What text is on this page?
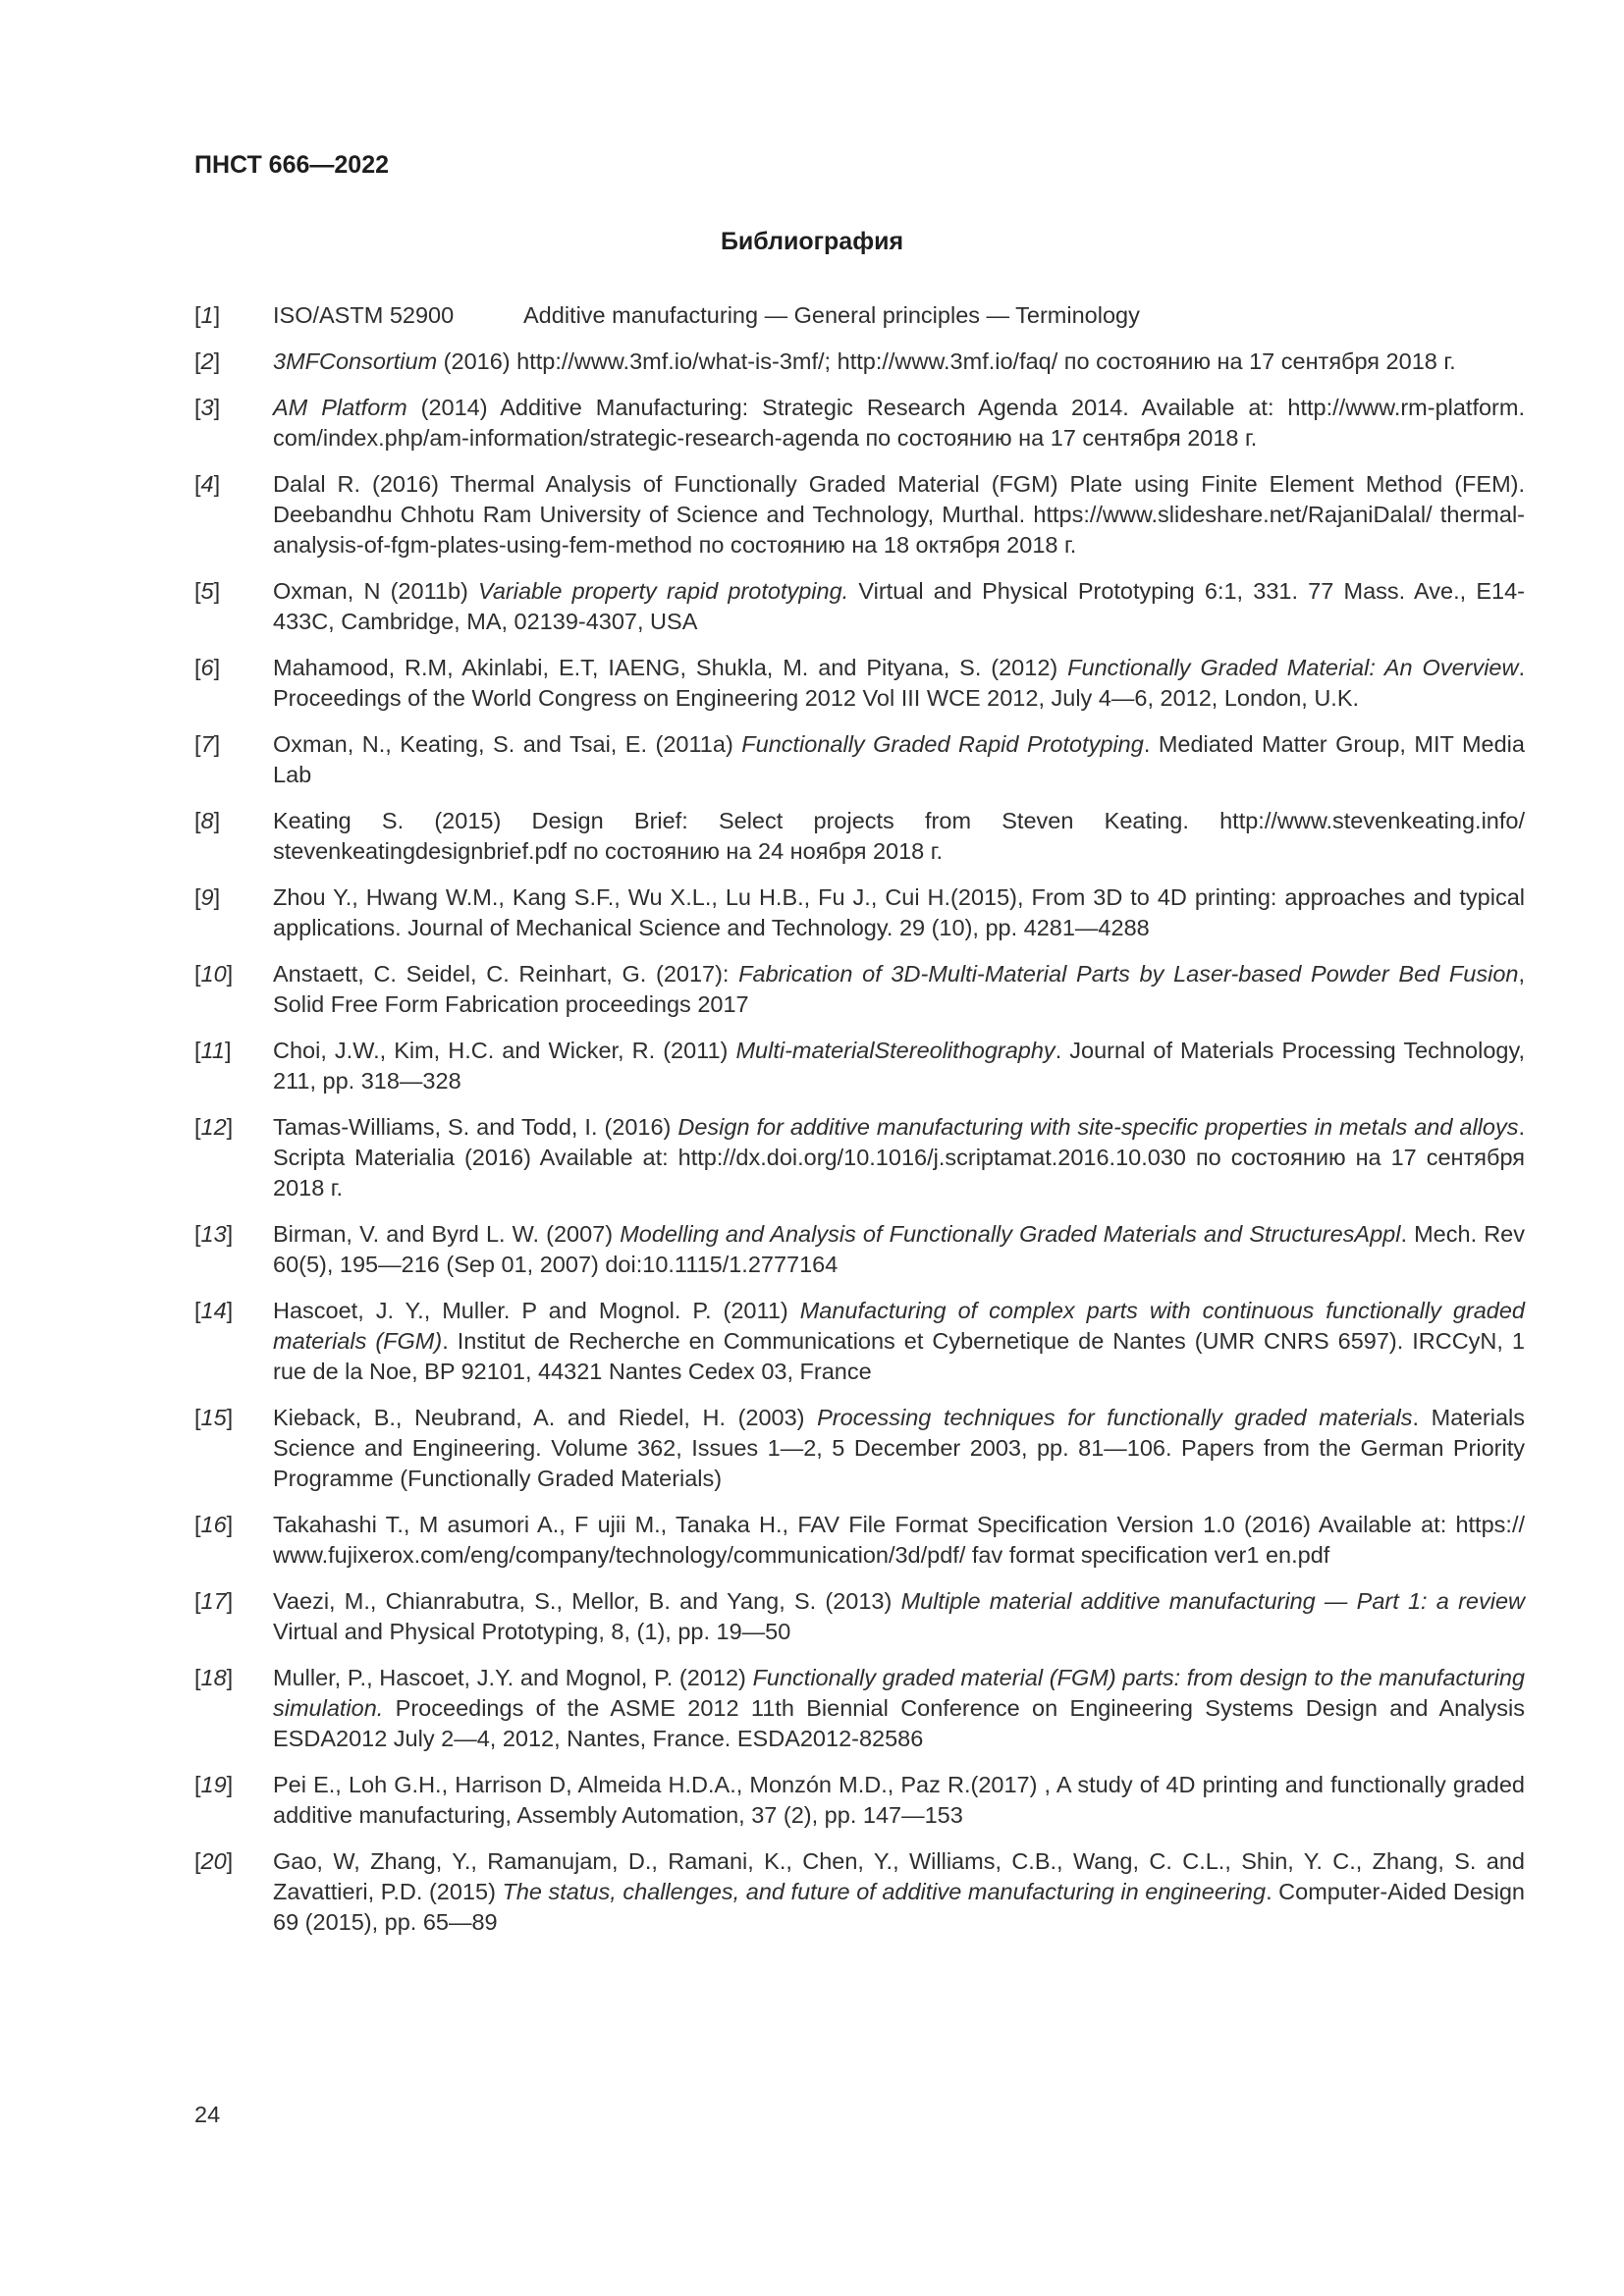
ПНСТ 666—2022
Библиография
[1]	ISO/ASTM 52900	Additive manufacturing — General principles — Terminology
[2]	3MFConsortium (2016) http://www.3mf.io/what-is-3mf/; http://www.3mf.io/faq/ по состоянию на 17 сентября 2018 г.
[3]	AM Platform (2014) Additive Manufacturing: Strategic Research Agenda 2014. Available at: http://www.rm-platform. com/index.php/am-information/strategic-research-agenda по состоянию на 17 сентября 2018 г.
[4]	Dalal R. (2016) Thermal Analysis of Functionally Graded Material (FGM) Plate using Finite Element Method (FEM). Deebandhu Chhotu Ram University of Science and Technology, Murthal. https://www.slideshare.net/RajaniDalal/ thermal-analysis-of-fgm-plates-using-fem-method по состоянию на 18 октября 2018 г.
[5]	Oxman, N (2011b) Variable property rapid prototyping. Virtual and Physical Prototyping 6:1, 331. 77 Mass. Ave., E14-433C, Cambridge, MA, 02139-4307, USA
[6]	Mahamood, R.M, Akinlabi, E.T, IAENG, Shukla, M. and Pityana, S. (2012) Functionally Graded Material: An Overview. Proceedings of the World Congress on Engineering 2012 Vol III WCE 2012, July 4—6, 2012, London, U.K.
[7]	Oxman, N., Keating, S. and Tsai, E. (2011a) Functionally Graded Rapid Prototyping. Mediated Matter Group, MIT Media Lab
[8]	Keating S. (2015) Design Brief: Select projects from Steven Keating. http://www.stevenkeating.info/ stevenkeatingdesignbrief.pdf по состоянию на 24 ноября 2018 г.
[9]	Zhou Y., Hwang W.M., Kang S.F., Wu X.L., Lu H.B., Fu J., Cui H.(2015), From 3D to 4D printing: approaches and typical applications. Journal of Mechanical Science and Technology. 29 (10), pp. 4281—4288
[10]	Anstaett, C. Seidel, C. Reinhart, G. (2017): Fabrication of 3D-Multi-Material Parts by Laser-based Powder Bed Fusion, Solid Free Form Fabrication proceedings 2017
[11]	Choi, J.W., Kim, H.C. and Wicker, R. (2011) Multi-materialStereolithography. Journal of Materials Processing Technology, 211, pp. 318—328
[12]	Tamas-Williams, S. and Todd, I. (2016) Design for additive manufacturing with site-specific properties in metals and alloys. Scripta Materialia (2016) Available at: http://dx.doi.org/10.1016/j.scriptamat.2016.10.030 по состоянию на 17 сентября 2018 г.
[13]	Birman, V. and Byrd L. W. (2007) Modelling and Analysis of Functionally Graded Materials and StructuresAppl. Mech. Rev 60(5), 195—216 (Sep 01, 2007) doi:10.1115/1.2777164
[14]	Hascoet, J. Y., Muller. P and Mognol. P. (2011) Manufacturing of complex parts with continuous functionally graded materials (FGM). Institut de Recherche en Communications et Cybernetique de Nantes (UMR CNRS 6597). IRCCyN, 1 rue de la Noe, BP 92101, 44321 Nantes Cedex 03, France
[15]	Kieback, B., Neubrand, A. and Riedel, H. (2003) Processing techniques for functionally graded materials. Materials Science and Engineering. Volume 362, Issues 1—2, 5 December 2003, pp. 81—106. Papers from the German Priority Programme (Functionally Graded Materials)
[16]	Takahashi T., M asumori A., F ujii M., Tanaka H., FAV File Format Specification Version 1.0 (2016) Available at: https:// www.fujixerox.com/eng/company/technology/communication/3d/pdf/ fav format specification ver1 en.pdf
[17]	Vaezi, M., Chianrabutra, S., Mellor, B. and Yang, S. (2013) Multiple material additive manufacturing — Part 1: a review Virtual and Physical Prototyping, 8, (1), pp. 19—50
[18]	Muller, P., Hascoet, J.Y. and Mognol, P. (2012) Functionally graded material (FGM) parts: from design to the manufacturing simulation. Proceedings of the ASME 2012 11th Biennial Conference on Engineering Systems Design and Analysis ESDA2012 July 2—4, 2012, Nantes, France. ESDA2012-82586
[19]	Pei E., Loh G.H., Harrison D, Almeida H.D.A., Monzón M.D., Paz R.(2017) , A study of 4D printing and functionally graded additive manufacturing, Assembly Automation, 37 (2), pp. 147—153
[20]	Gao, W, Zhang, Y., Ramanujam, D., Ramani, K., Chen, Y., Williams, C.B., Wang, C. C.L., Shin, Y. C., Zhang, S. and Zavattieri, P.D. (2015) The status, challenges, and future of additive manufacturing in engineering. Computer-Aided Design 69 (2015), pp. 65—89
24
